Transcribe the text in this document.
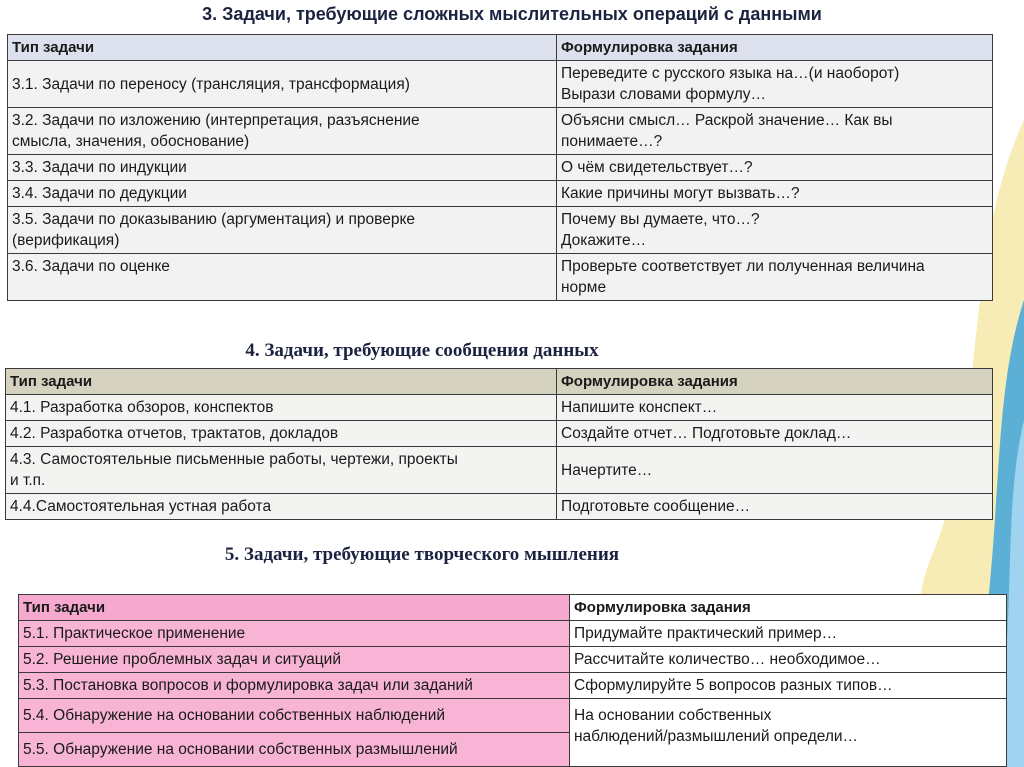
3. Задачи, требующие сложных мыслительных операций с данными
Тип задачи	Формулировка задания
3.1. Задачи по переносу (трансляция, трансформация)	Переведите с русского языка на…(и наоборот)
Вырази словами формулу…
3.2. Задачи по изложению (интерпретация, разъяснение
смысла, значения, обоснование)	Объясни смысл… Раскрой значение… Как вы
понимаете…?
3.3. Задачи по индукции	О чём свидетельствует…?
3.4. Задачи по дедукции	Какие причины могут вызвать…?
3.5. Задачи по доказыванию (аргументация) и проверке
(верификация)	Почему вы думаете, что…?
Докажите…
3.6. Задачи по оценке	Проверьте соответствует ли полученная величина
норме
4. Задачи, требующие сообщения данных
Тип задачи	Формулировка задания
4.1. Разработка обзоров, конспектов	Напишите конспект…
4.2. Разработка отчетов, трактатов, докладов	Создайте отчет… Подготовьте доклад…
4.3. Самостоятельные письменные работы, чертежи, проекты
и т.п.	Начертите…
4.4.Самостоятельная устная работа	Подготовьте сообщение…
5. Задачи, требующие творческого мышления
Тип задачи	Формулировка задания
5.1. Практическое применение	Придумайте практический пример…
5.2. Решение проблемных задач и ситуаций	Рассчитайте количество… необходимое…
5.3. Постановка вопросов и формулировка задач или заданий	Сформулируйте 5 вопросов разных типов…
5.4. Обнаружение на основании собственных наблюдений	На основании собственных
наблюдений/размышлений определи…
5.5. Обнаружение на основании собственных размышлений	
